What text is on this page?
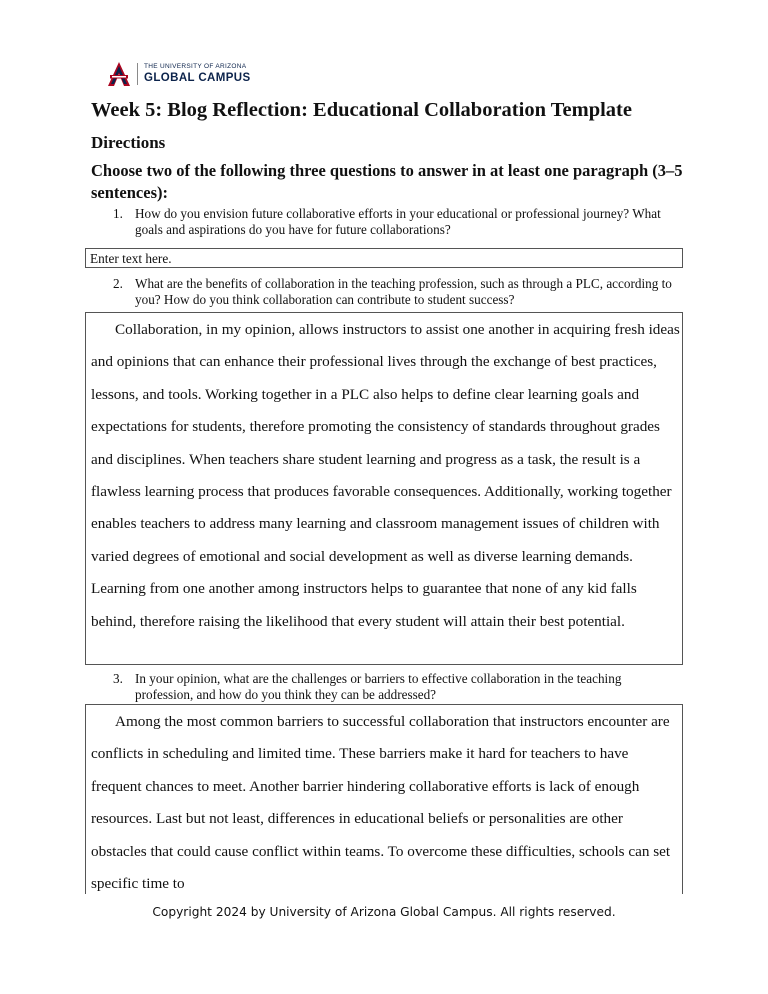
THE UNIVERSITY OF ARIZONA
GLOBAL CAMPUS
Week 5: Blog Reflection: Educational Collaboration Template
Directions

Choose two of the following three questions to answer in at least one paragraph (3–5 sentences):

1. How do you envision future collaborative efforts in your educational or professional journey? What goals and aspirations do you have for future collaborations?
Enter text here.
2. What are the benefits of collaboration in the teaching profession, such as through a PLC, according to you? How do you think collaboration can contribute to student success?

Collaboration, in my opinion, allows instructors to assist one another in acquiring fresh ideas and opinions that can enhance their professional lives through the exchange of best practices, lessons, and tools. Working together in a PLC also helps to define clear learning goals and expectations for students, therefore promoting the consistency of standards throughout grades and disciplines. When teachers share student learning and progress as a task, the result is a flawless learning process that produces favorable consequences. Additionally, working together enables teachers to address many learning and classroom management issues of children with varied degrees of emotional and social development as well as diverse learning demands. Learning from one another among instructors helps to guarantee that none of any kid falls behind, therefore raising the likelihood that every student will attain their best potential.

3. In your opinion, what are the challenges or barriers to effective collaboration in the teaching profession, and how do you think they can be addressed?

Among the most common barriers to successful collaboration that instructors encounter are conflicts in scheduling and limited time. These barriers make it hard for teachers to have frequent chances to meet. Another barrier hindering collaborative efforts is lack of enough resources. Last but not least, differences in educational beliefs or personalities are other obstacles that could cause conflict within teams. To overcome these difficulties, schools can set specific time to

Copyright 2024 by University of Arizona Global Campus. All rights reserved.
